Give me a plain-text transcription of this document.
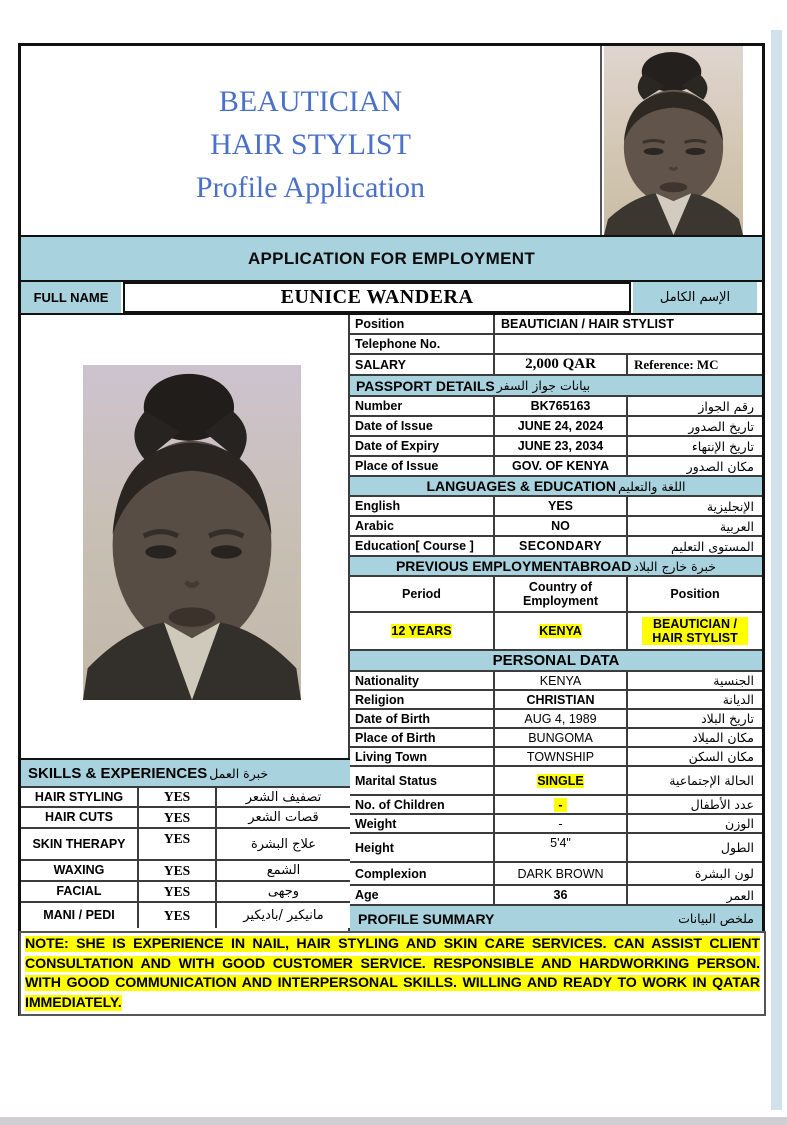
BEAUTICIAN
HAIR STYLIST
Profile Application
APPLICATION FOR EMPLOYMENT
FULL NAME	EUNICE WANDERA	الإسم الكامل
SKILLS & EXPERIENCES خبرة العمل
HAIR STYLING	YES	تصفيف الشعر
HAIR CUTS	YES	قصات الشعر
SKIN THERAPY	YES	علاج البشرة
WAXING	YES	الشمع
FACIAL	YES	وجهى
MANI / PEDI	YES	مانيكير /باديكير
Position	BEAUTICIAN / HAIR STYLIST
Telephone No.
SALARY	2,000 QAR	Reference: MC
PASSPORT DETAILS بيانات جواز السفر
Number	BK765163	رقم الجواز
Date of Issue	JUNE 24, 2024	تاريخ الصدور
Date of Expiry	JUNE 23, 2034	تاريخ الإنتهاء
Place of Issue	GOV. OF KENYA	مكان الصدور
LANGUAGES & EDUCATION اللغة والتعليم
English	YES	الإنجليزية
Arabic	NO	العربية
Education[ Course ]	SECONDARY	المستوى التعليم
PREVIOUS EMPLOYMENTABROAD خبرة خارج البلاد
Period	Country of Employment	Position
12 YEARS	KENYA	BEAUTICIAN / HAIR STYLIST
PERSONAL DATA
Nationality	KENYA	الجنسية
Religion	CHRISTIAN	الديانة
Date of Birth	AUG 4, 1989	تاريخ البلاد
Place of Birth	BUNGOMA	مكان الميلاد
Living Town	TOWNSHIP	مكان السكن
Marital Status	SINGLE	الحالة الإجتماعية
No. of Children	-	عدد الأطفال
Weight	-	الوزن
Height	5'4"	الطول
Complexion	DARK BROWN	لون البشرة
Age	36	العمر
PROFILE SUMMARY	ملخص البيانات
NOTE: SHE IS EXPERIENCE IN NAIL, HAIR STYLING AND SKIN CARE SERVICES. CAN ASSIST CLIENT CONSULTATION AND WITH GOOD CUSTOMER SERVICE. RESPONSIBLE AND HARDWORKING PERSON. WITH GOOD COMMUNICATION AND INTERPERSONAL SKILLS. WILLING AND READY TO WORK IN QATAR IMMEDIATELY.
